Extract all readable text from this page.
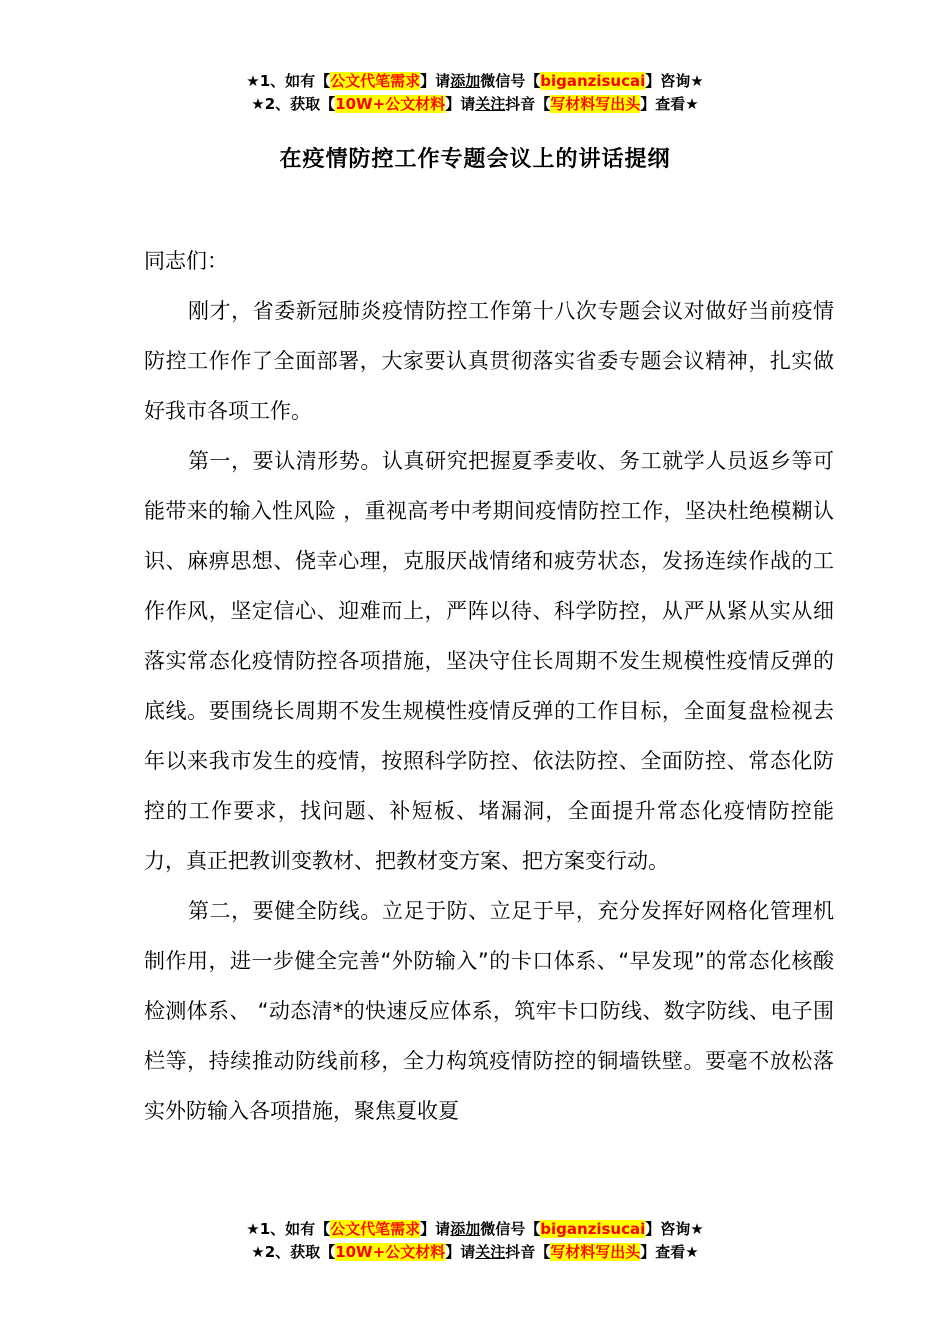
★1、如有【公文代笔需求】请添加微信号【biganzisucai】咨询★
★2、获取【10W+公文材料】请关注抖音【写材料写出头】查看★
在疫情防控工作专题会议上的讲话提纲

同志们：

刚才，省委新冠肺炎疫情防控工作第十八次专题会议对做好当前疫情防控工作作了全面部署，大家要认真贯彻落实省委专题会议精神，扎实做好我市各项工作。

第一，要认清形势。认真研究把握夏季麦收、务工就学人员返乡等可能带来的输入性风险 ，重视高考中考期间疫情防控工作，坚决杜绝模糊认识、麻痹思想、侥幸心理，克服厌战情绪和疲劳状态，发扬连续作战的工作作风，坚定信心、迎难而上，严阵以待、科学防控，从严从紧从实从细落实常态化疫情防控各项措施，坚决守住长周期不发生规模性疫情反弹的底线。要围绕长周期不发生规模性疫情反弹的工作目标，全面复盘检视去年以来我市发生的疫情，按照科学防控、依法防控、全面防控、常态化防控的工作要求，找问题、补短板、堵漏洞，全面提升常态化疫情防控能力，真正把教训变教材、把教材变方案、把方案变行动。

第二，要健全防线。立足于防、立足于早，充分发挥好网格化管理机制作用，进一步健全完善“外防输入”的卡口体系、“早发现”的常态化核酸检测体系、 “动态清*的快速反应体系，筑牢卡口防线、数字防线、电子围栏等，持续推动防线前移，全力构筑疫情防控的铜墙铁壁。要毫不放松落实外防输入各项措施，聚焦夏收夏

★1、如有【公文代笔需求】请添加微信号【biganzisucai】咨询★
★2、获取【10W+公文材料】请关注抖音【写材料写出头】查看★
